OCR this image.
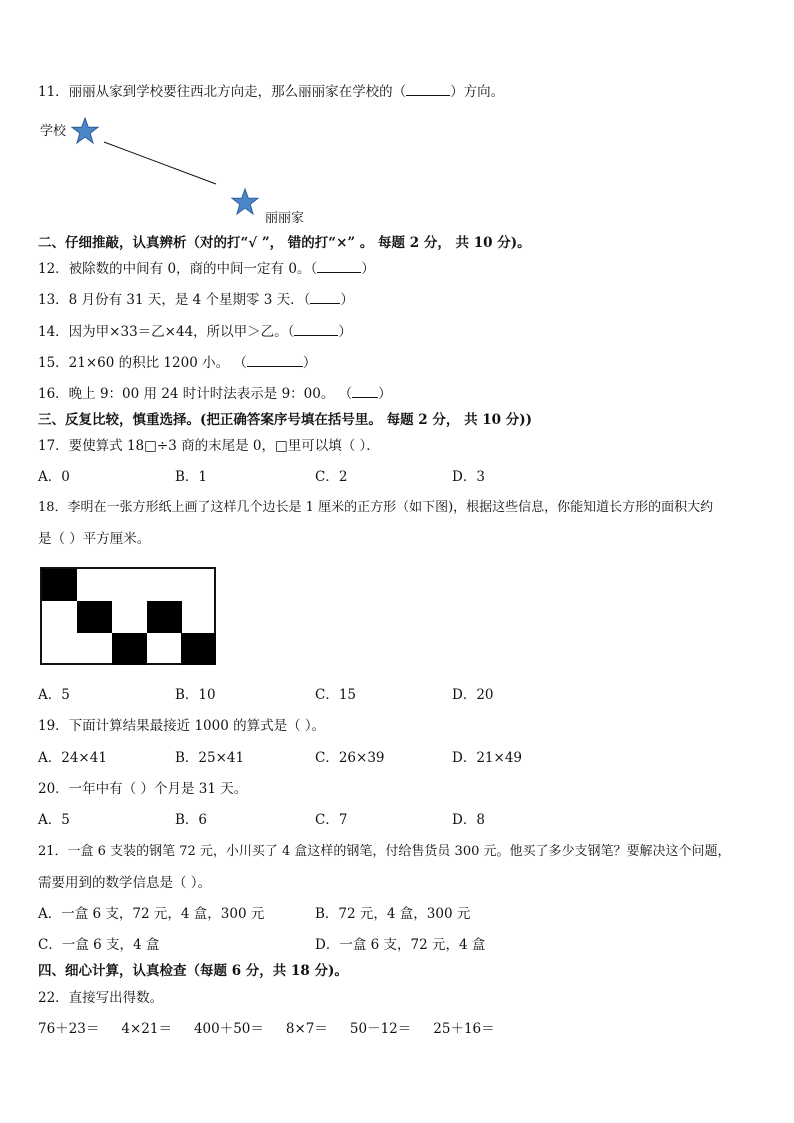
11．丽丽从家到学校要往西北方向走，那么丽丽家在学校的（	）方向。
学校
丽丽家
二、仔细推敲，认真辨析（对的打“√ ”， 错的打“×” 。 每题 2 分， 共 10 分)。
12．被除数的中间有 0，商的中间一定有 0。（	）
13．8 月份有 31 天，是 4 个星期零 3 天．（ ）
14．因为甲×33＝乙×44，所以甲＞乙。（	）
15．21×60 的积比 1200 小。 （	）
16．晚上 9：00 用 24 时计时法表示是 9：00。 （ ）
三、反复比较，慎重选择。(把正确答案序号填在括号里。 每题 2 分， 共 10 分))
17．要使算式 18□÷3 商的末尾是 0，□里可以填（ ）．
A．0	B．1	C．2	D．3
18．李明在一张方形纸上画了这样几个边长是 1 厘米的正方形（如下图)，根据这些信息，你能知道长方形的面积大约
是（ ）平方厘米。
A．5	B．10	C．15	D．20
19．下面计算结果最接近 1000 的算式是（ ）。
A．24×41	B．25×41	C．26×39	D．21×49
20．一年中有（ ）个月是 31 天。
A．5	B．6	C．7	D．8
21．一盒 6 支装的钢笔 72 元，小川买了 4 盒这样的钢笔，付给售货员 300 元。他买了多少支钢笔？要解决这个问题，
需要用到的数学信息是（ ）。
A．一盒 6 支，72 元，4 盒，300 元	B．72 元，4 盒，300 元
C．一盒 6 支，4 盒	D．一盒 6 支，72 元，4 盒
四、细心计算，认真检查（每题 6 分，共 18 分)。
22．直接写出得数。
76＋23＝ 4×21＝ 400＋50＝ 8×7＝ 50－12＝ 25＋16＝
